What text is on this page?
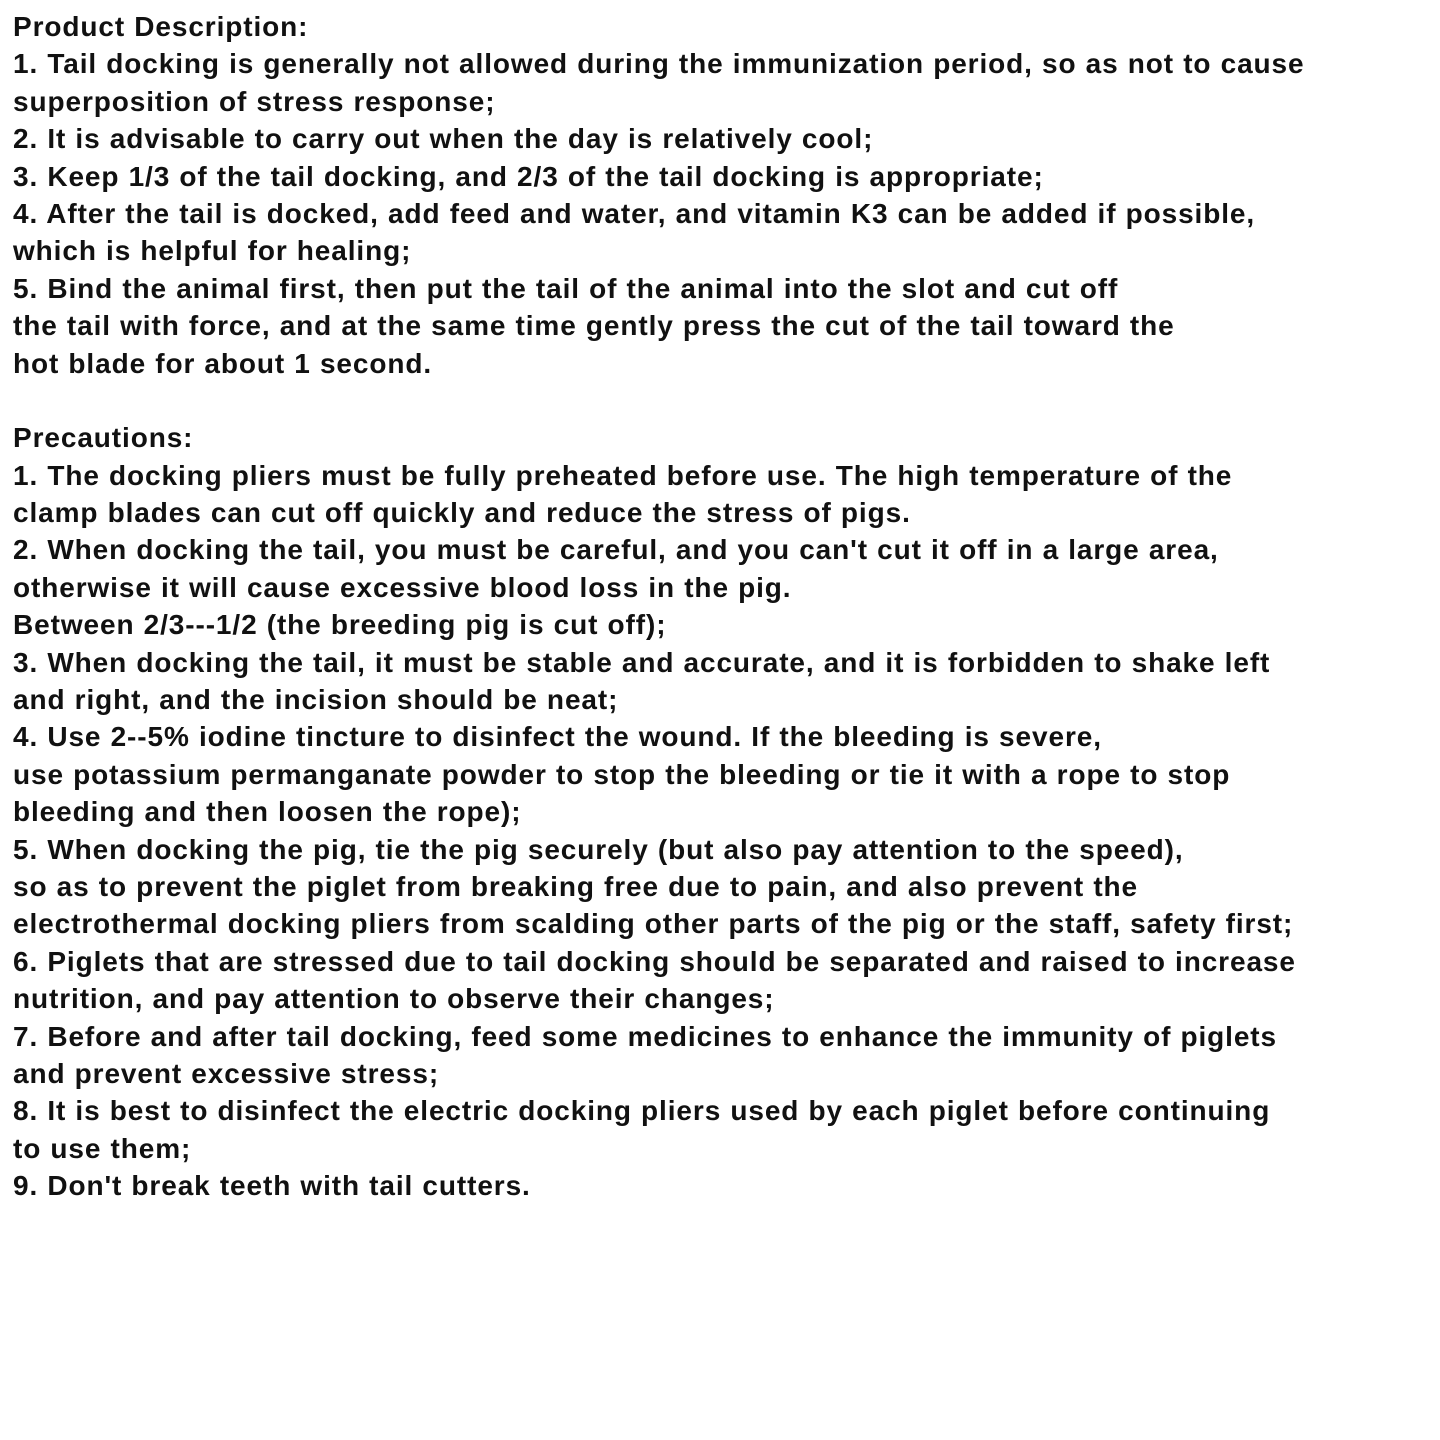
Product Description:
1. Tail docking is generally not allowed during the immunization period, so as not to cause
superposition of stress response;
2. It is advisable to carry out when the day is relatively cool;
3. Keep 1/3 of the tail docking, and 2/3 of the tail docking is appropriate;
4. After the tail is docked, add feed and water, and vitamin K3 can be added if possible,
which is helpful for healing;
5. Bind the animal first, then put the tail of the animal into the slot and cut off
the tail with force, and at the same time gently press the cut of the tail toward the
hot blade for about 1 second.
Precautions:
1. The docking pliers must be fully preheated before use. The high temperature of the
clamp blades can cut off quickly and reduce the stress of pigs.
2. When docking the tail, you must be careful, and you can't cut it off in a large area,
otherwise it will cause excessive blood loss in the pig.
Between 2/3---1/2 (the breeding pig is cut off);
3. When docking the tail, it must be stable and accurate, and it is forbidden to shake left
and right, and the incision should be neat;
4. Use 2--5% iodine tincture to disinfect the wound. If the bleeding is severe,
use potassium permanganate powder to stop the bleeding or tie it with a rope to stop
bleeding and then loosen the rope);
5. When docking the pig, tie the pig securely (but also pay attention to the speed),
so as to prevent the piglet from breaking free due to pain, and also prevent the
electrothermal docking pliers from scalding other parts of the pig or the staff, safety first;
6. Piglets that are stressed due to tail docking should be separated and raised to increase
nutrition, and pay attention to observe their changes;
7. Before and after tail docking, feed some medicines to enhance the immunity of piglets
and prevent excessive stress;
8. It is best to disinfect the electric docking pliers used by each piglet before continuing
to use them;
9. Don't break teeth with tail cutters.
